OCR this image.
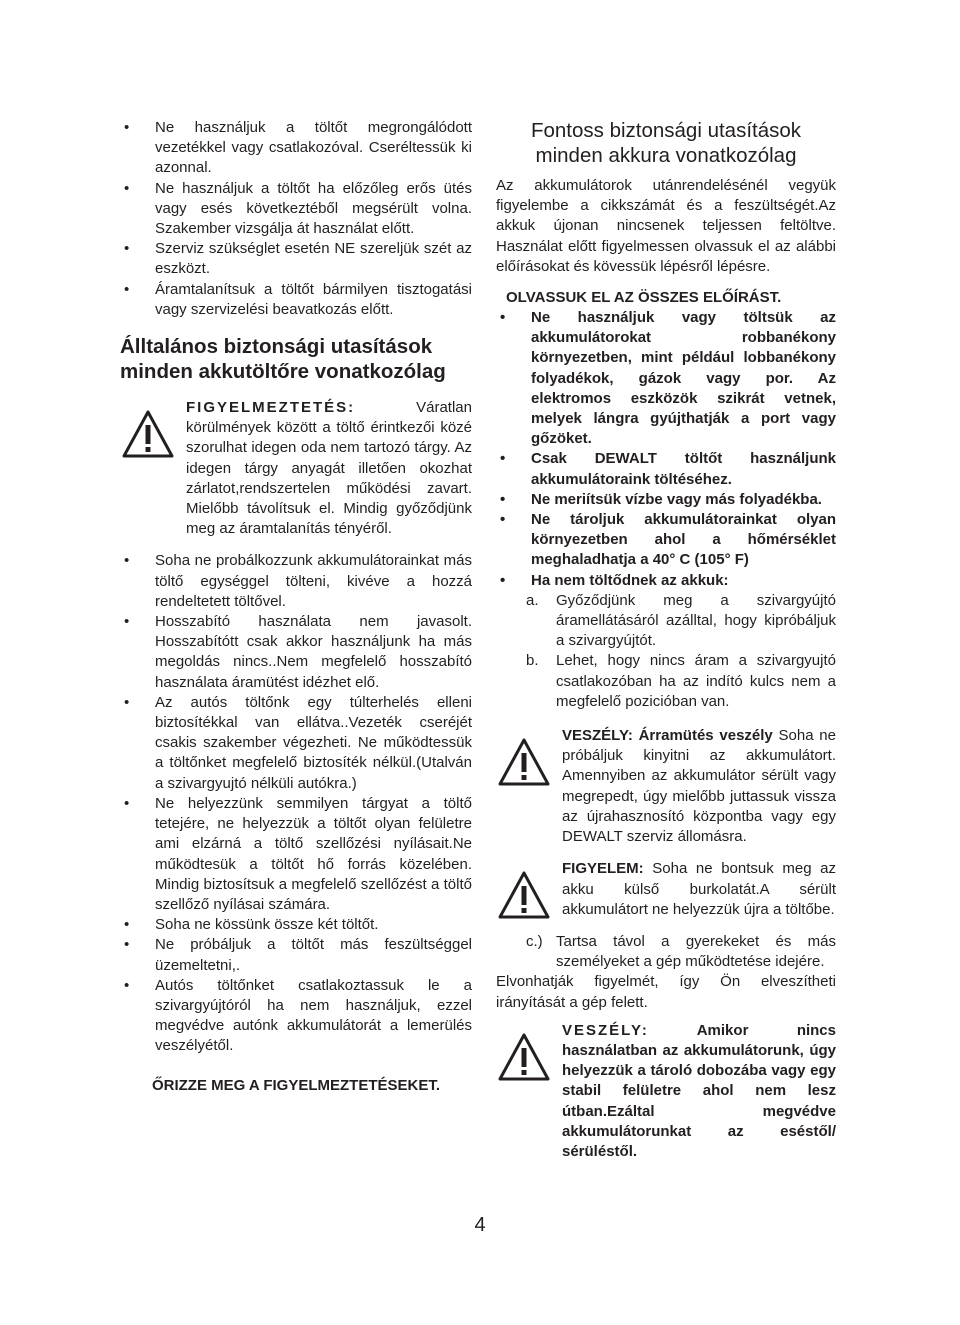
• Ne használjuk a töltőt megrongálódott vezetékkel vagy csatlakozóval. Cseréltessük ki azonnal.
• Ne használjuk a töltőt ha előzőleg erős ütés vagy esés következtéből megsérült volna. Szakember vizsgálja át használat előtt.
• Szerviz szükséglet esetén NE szereljük szét az eszközt.
• Áramtalanítsuk a töltőt bármilyen tisztogatási vagy szervizelési beavatkozás előtt.
Álltalános biztonsági utasítások minden akkutöltőre vonatkozólag

FIGYELMEZTETÉS: Váratlan körülmények között a töltő érintkezői közé szorulhat idegen oda nem tartozó tárgy. Az idegen tárgy anyagát illetően okozhat zárlatot,rendszertelen működési zavart. Mielőbb távolítsuk el. Mindig győződjünk meg az áramtalanítás tényéről.

• Soha ne probálkozzunk akkumulátorainkat más töltő egységgel tölteni, kivéve a hozzá rendeltetett töltővel.
• Hosszabító használata nem javasolt. Hosszabítótt csak akkor használjunk ha más megoldás nincs..Nem megfelelő hosszabító használata áramütést idézhet elő.
• Az autós töltőnk egy túlterhelés elleni biztosítékkal van ellátva..Vezeték cseréjét csakis szakember végezheti. Ne működtessük a töltőnket megfelelő biztosíték nélkül.(Utalván a szivargyujtó nélküli autókra.)
• Ne helyezzünk semmilyen tárgyat a töltő tetejére, ne helyezzük a töltőt olyan felületre ami elzárná a töltő szellőzési nyílásait.Ne működtesük a töltőt hő forrás közelében. Mindig biztosítsuk a megfelelő szellőzést a töltő szellőző nyílásai számára.
• Soha ne kössünk össze két töltőt.
• Ne próbáljuk a töltőt más feszültséggel üzemeltetni,.
• Autós töltőnket csatlakoztassuk le a szivargyújtóról ha nem használjuk, ezzel megvédve autónk akkumulátorát a lemerülés veszélyétől.
ŐRIZZE MEG A FIGYELMEZTETÉSEKET.
Fontoss biztonsági utasítások minden akkura vonatkozólag

Az akkumulátorok utánrendelésénél vegyük figyelembe a cikkszámát és a feszültségét.Az akkuk újonan nincsenek teljessen feltöltve. Használat előtt figyelmessen olvassuk el az alábbi előírásokat és kövessük lépésről lépésre.

OLVASSUK EL AZ ÖSSZES ELŐÍRÁST.
• Ne használjuk vagy töltsük az akkumulátorokat robbanékony környezetben, mint például lobbanékony folyadékok, gázok vagy por. Az elektromos eszközök szikrát vetnek, melyek lángra gyújthatják a port vagy gőzöket.
• Csak DEWALT töltőt használjunk akkumulátoraink töltéséhez.
• Ne meriítsük vízbe vagy más folyadékba.
• Ne tároljuk akkumulátorainkat olyan környezetben ahol a hőmérséklet meghaladhatja a 40° C (105° F)
• Ha nem töltődnek az akkuk:
a. Győződjünk meg a szivargyújtó áramellátásáról azálltal, hogy kipróbáljuk a szivargyújtót.
b. Lehet, hogy nincs áram a szivargyujtó csatlakozóban ha az indító kulcs nem a megfelelő pozicióban van.

VESZÉLY: Árramütés veszély Soha ne próbáljuk kinyitni az akkumulátort. Amennyiben az akkumulátor sérült vagy megrepedt, úgy mielőbb juttassuk vissza az újrahasznosító központba vagy egy DEWALT szerviz állomásra.

FIGYELEM: Soha ne bontsuk meg az akku külső burkolatát.A sérült akkumulátort ne helyezzük újra a töltőbe.

c.) Tartsa távol a gyerekeket és más személyeket a gép működtetése idejére.

Elvonhatják figyelmét, így Ön elveszítheti irányítását a gép felett.

VESZÉLY: Amikor nincs használatban az akkumulátorunk, úgy helyezzük a tároló dobozába vagy egy stabil felületre ahol nem lesz útban.Ezáltal megvédve akkumulátorunkat az eséstől/ sérüléstől.

4
